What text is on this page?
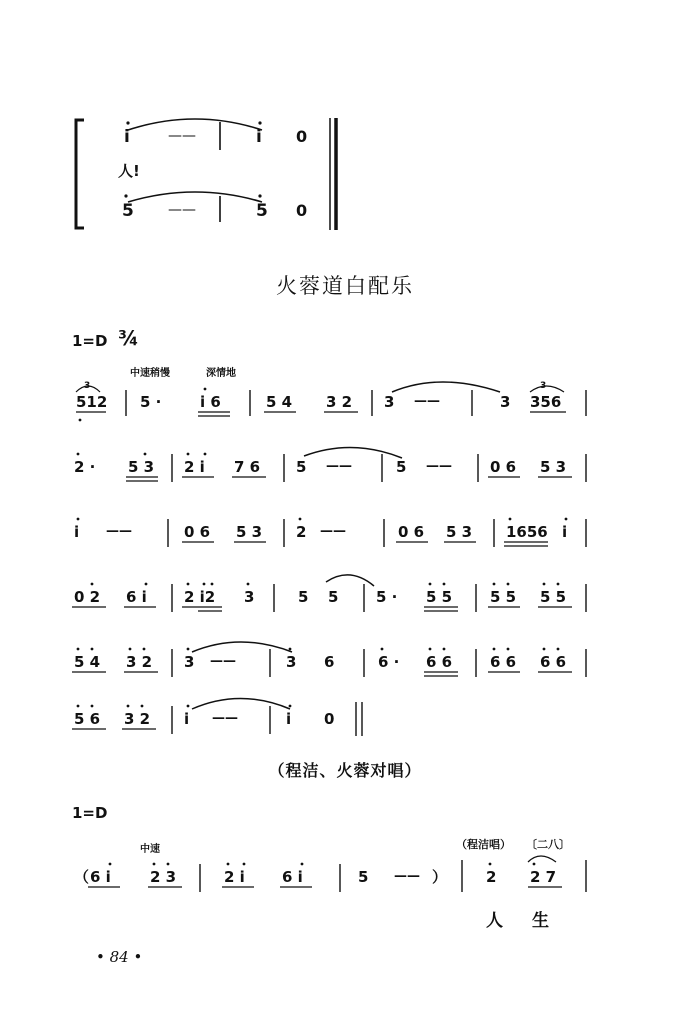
i	——	i 0
人!
5 ——	5 0
火蓉道白配乐
1=D ¾
中速稍慢	深情地
3
512 5 ·	i 6	5 4 3 2 3 ——	3
3
356
2 · 5 3 2 i 7 6 5 ——	5 ——	0 6 5 3
i ——	0 6 5 3 2 ——	0 6 5 3 1656 i
0 2 6 i 2 i2 3	5 5	5 · 5 5	5 5 5 5
5 4 3 2 3 ——	3 6	6 · 6 6	6 6 6 6
5 6 3 2 i ——	i 0
（程洁、火蓉对唱）
1=D
中速	（程洁唱） 〔二八〕
（ 6 i	2 3	2 i 6 i	5 —— ）	2 2 7
人 生
• 84 •
